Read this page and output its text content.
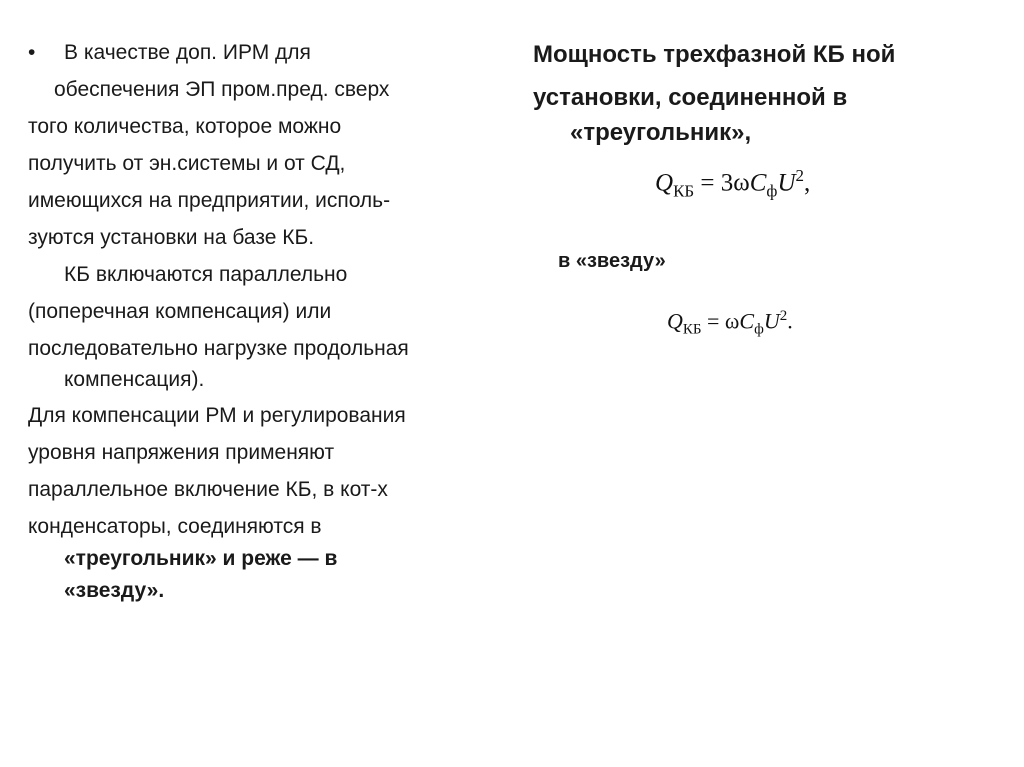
• В качестве доп. ИРМ для
обеспечения ЭП пром.пред. сверх
того количества, которое можно
получить от эн.системы и от СД,
имеющихся на предприятии, исполь-
зуются установки на базе КБ.
КБ включаются параллельно
(поперечная компенсация) или
последовательно нагрузке продольная
компенсация).
Для компенсации РМ и регулирования
уровня напряжения применяют
параллельное включение КБ, в кот-х
конденсаторы, соединяются в
«треугольник» и реже — в
«звезду».
Мощность трехфазной КБ ной
установки, соединенной в
«треугольник»,
$Q_{КБ} = 3\omega C_фU^2$,
в «звезду»
$Q_{КБ} = \omega C_фU^2$.
